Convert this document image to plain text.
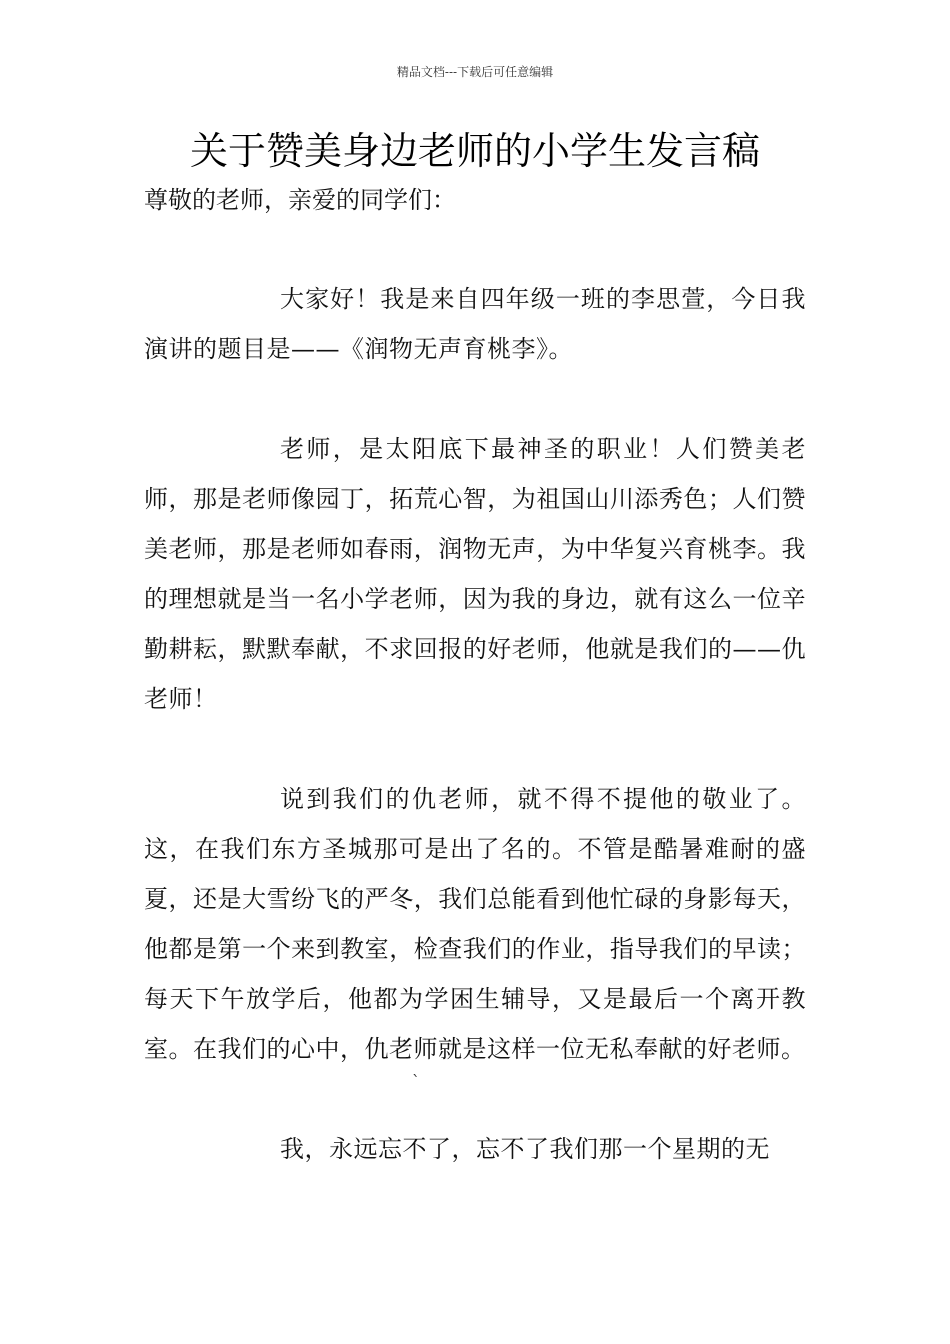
精品文档---下载后可任意编辑
关于赞美身边老师的小学生发言稿

尊敬的老师，亲爱的同学们：

大家好！我是来自四年级一班的李思萱，今日我演讲的题目是——《润物无声育桃李》。

老师，是太阳底下最神圣的职业！人们赞美老师，那是老师像园丁，拓荒心智，为祖国山川添秀色；人们赞美老师，那是老师如春雨，润物无声，为中华复兴育桃李。我的理想就是当一名小学老师，因为我的身边，就有这么一位辛勤耕耘，默默奉献，不求回报的好老师，他就是我们的——仇老师！

说到我们的仇老师，就不得不提他的敬业了。这，在我们东方圣城那可是出了名的。不管是酷暑难耐的盛夏，还是大雪纷飞的严冬，我们总能看到他忙碌的身影每天，他都是第一个来到教室，检查我们的作业，指导我们的早读；每天下午放学后，他都为学困生辅导，又是最后一个离开教室。在我们的心中，仇老师就是这样一位无私奉献的好老师。

我，永远忘不了，忘不了我们那一个星期的无

`
